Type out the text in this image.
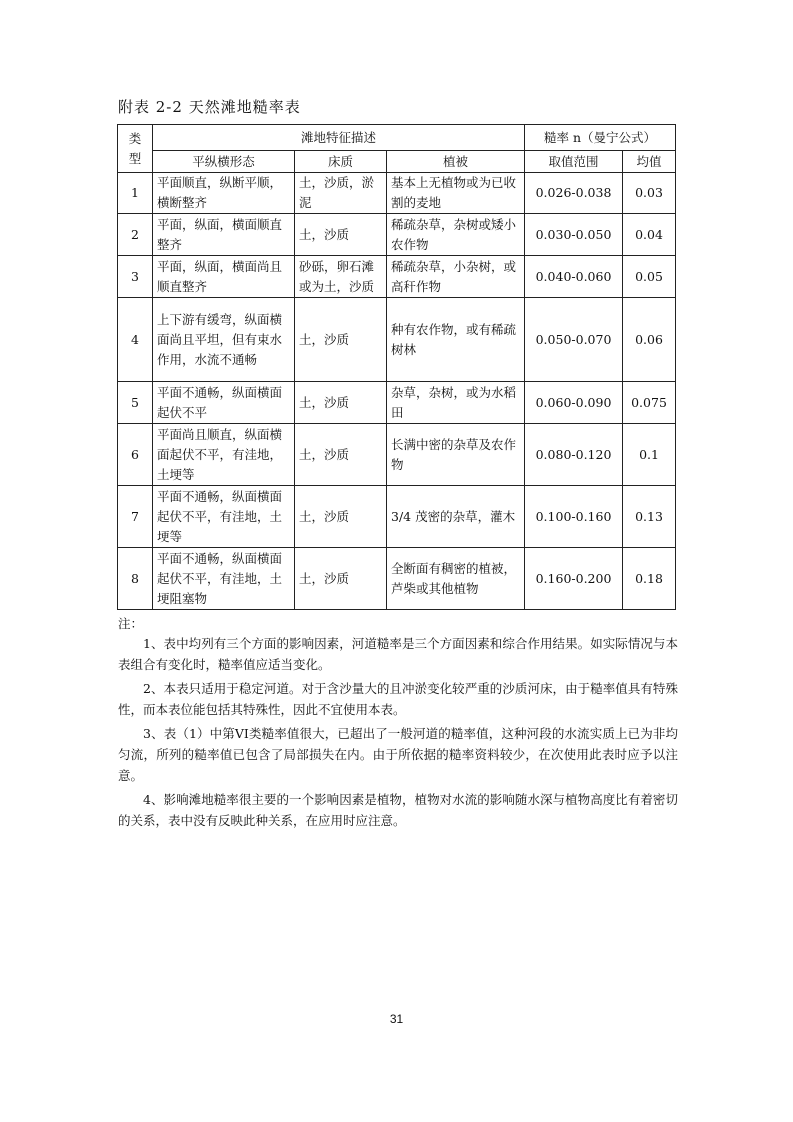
附表 2-2 天然滩地糙率表
类
型	滩地特征描述			糙率 n（曼宁公式）	
	平纵横形态	床质	植被	取值范围	均值
1	平面顺直，纵断平顺，横断整齐	土，沙质，淤泥	基本上无植物或为已收割的麦地	0.026-0.038	0.03
2	平面，纵面，横面顺直整齐	土，沙质	稀疏杂草，杂树或矮小农作物	0.030-0.050	0.04
3	平面，纵面，横面尚且顺直整齐	砂砾，卵石滩或为土，沙质	稀疏杂草，小杂树，或高秆作物	0.040-0.060	0.05
4	上下游有缓弯，纵面横面尚且平坦，但有束水 作用，水流不通畅	土，沙质	种有农作物，或有稀疏树林	0.050-0.070	0.06
5	平面不通畅，纵面横面起伏不平	土，沙质	杂草，杂树，或为水稻田	0.060-0.090	0.075
6	平面尚且顺直，纵面横面起伏不平，有洼地，土埂等	土，沙质	长满中密的杂草及农作物	0.080-0.120	0.1
7	平面不通畅，纵面横面起伏不平，有洼地，土埂等	土，沙质	3/4 茂密的杂草，灌木	0.100-0.160	0.13
8	平面不通畅，纵面横面起伏不平，有洼地，土埂阻塞物	土，沙质	全断面有稠密的植被， 芦柴或其他植物	0.160-0.200	0.18
注：

1、表中均列有三个方面的影响因素，河道糙率是三个方面因素和综合作用结果。如实际情况与本表组合有变化时，糙率值应适当变化。

2、本表只适用于稳定河道。对于含沙量大的且冲淤变化较严重的沙质河床，由于糙率值具有特殊性，而本表位能包括其特殊性，因此不宜使用本表。

3、表（1）中第VI类糙率值很大，已超出了一般河道的糙率值，这种河段的水流实质上已为非均匀流，所列的糙率值已包含了局部损失在内。由于所依据的糙率资料较少，在次使用此表时应予以注意。

4、影响滩地糙率很主要的一个影响因素是植物，植物对水流的影响随水深与植物高度比有着密切的关系，表中没有反映此种关系，在应用时应注意。

31
